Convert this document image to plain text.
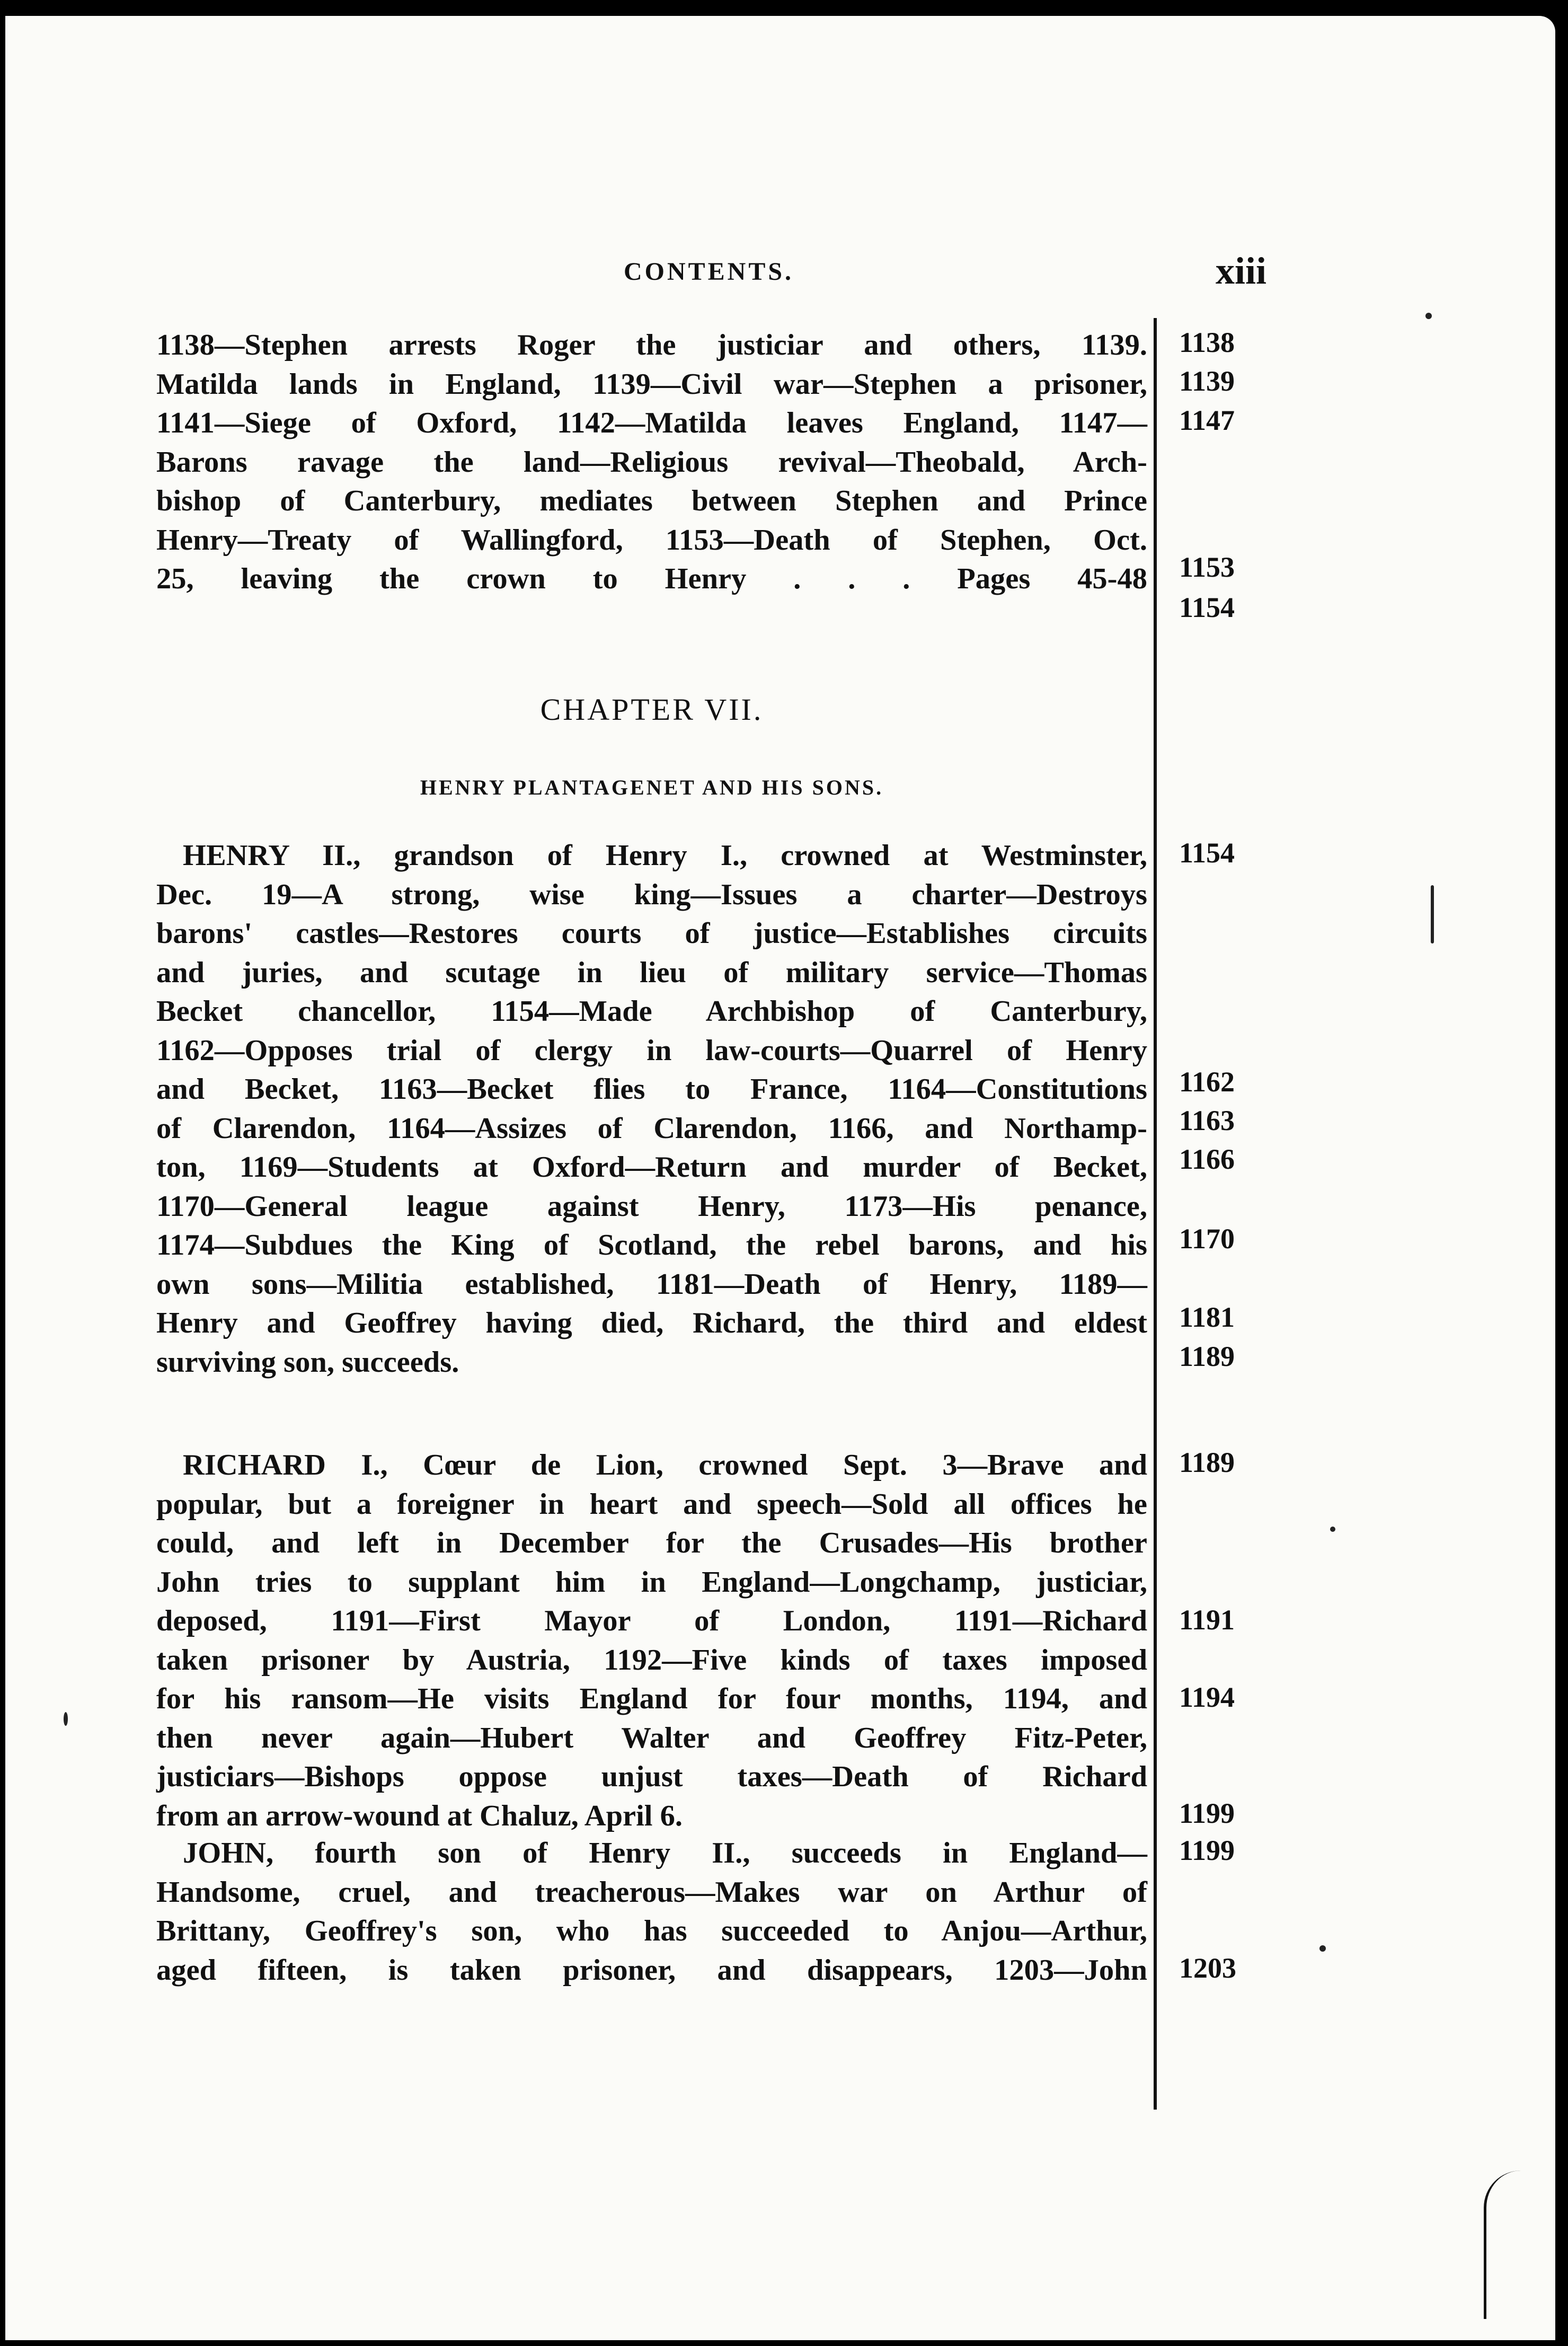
CONTENTS.	xiii
1138—Stephen arrests Roger the justiciar and others, 1139.
Matilda lands in England, 1139—Civil war—Stephen a prisoner,
1141—Siege of Oxford, 1142—Matilda leaves England, 1147—
Barons ravage the land—Religious revival—Theobald, Arch-
bishop of Canterbury, mediates between Stephen and Prince
Henry—Treaty of Wallingford, 1153—Death of Stephen, Oct.
25, leaving the crown to Henry . . . Pages 45-48
1138
1139
1147
1153
1154
CHAPTER VII.
HENRY PLANTAGENET AND HIS SONS.
HENRY II., grandson of Henry I., crowned at Westminster,
Dec. 19—A strong, wise king—Issues a charter—Destroys
barons' castles—Restores courts of justice—Establishes circuits
and juries, and scutage in lieu of military service—Thomas
Becket chancellor, 1154—Made Archbishop of Canterbury,
1162—Opposes trial of clergy in law-courts—Quarrel of Henry
and Becket, 1163—Becket flies to France, 1164—Constitutions
of Clarendon, 1164—Assizes of Clarendon, 1166, and Northamp-
ton, 1169—Students at Oxford—Return and murder of Becket,
1170—General league against Henry, 1173—His penance,
1174—Subdues the King of Scotland, the rebel barons, and his
own sons—Militia established, 1181—Death of Henry, 1189—
Henry and Geoffrey having died, Richard, the third and eldest
surviving son, succeeds.
1154
1162
1163
1166
1170
1181
1189
RICHARD I., Cœur de Lion, crowned Sept. 3—Brave and
popular, but a foreigner in heart and speech—Sold all offices he
could, and left in December for the Crusades—His brother
John tries to supplant him in England—Longchamp, justiciar,
deposed, 1191—First Mayor of London, 1191—Richard
taken prisoner by Austria, 1192—Five kinds of taxes imposed
for his ransom—He visits England for four months, 1194, and
then never again—Hubert Walter and Geoffrey Fitz-Peter,
justiciars—Bishops oppose unjust taxes—Death of Richard
from an arrow-wound at Chaluz, April 6.
1189
1191
1194
1199
JOHN, fourth son of Henry II., succeeds in England—
Handsome, cruel, and treacherous—Makes war on Arthur of
Brittany, Geoffrey's son, who has succeeded to Anjou—Arthur,
aged fifteen, is taken prisoner, and disappears, 1203—John
1199
1203
